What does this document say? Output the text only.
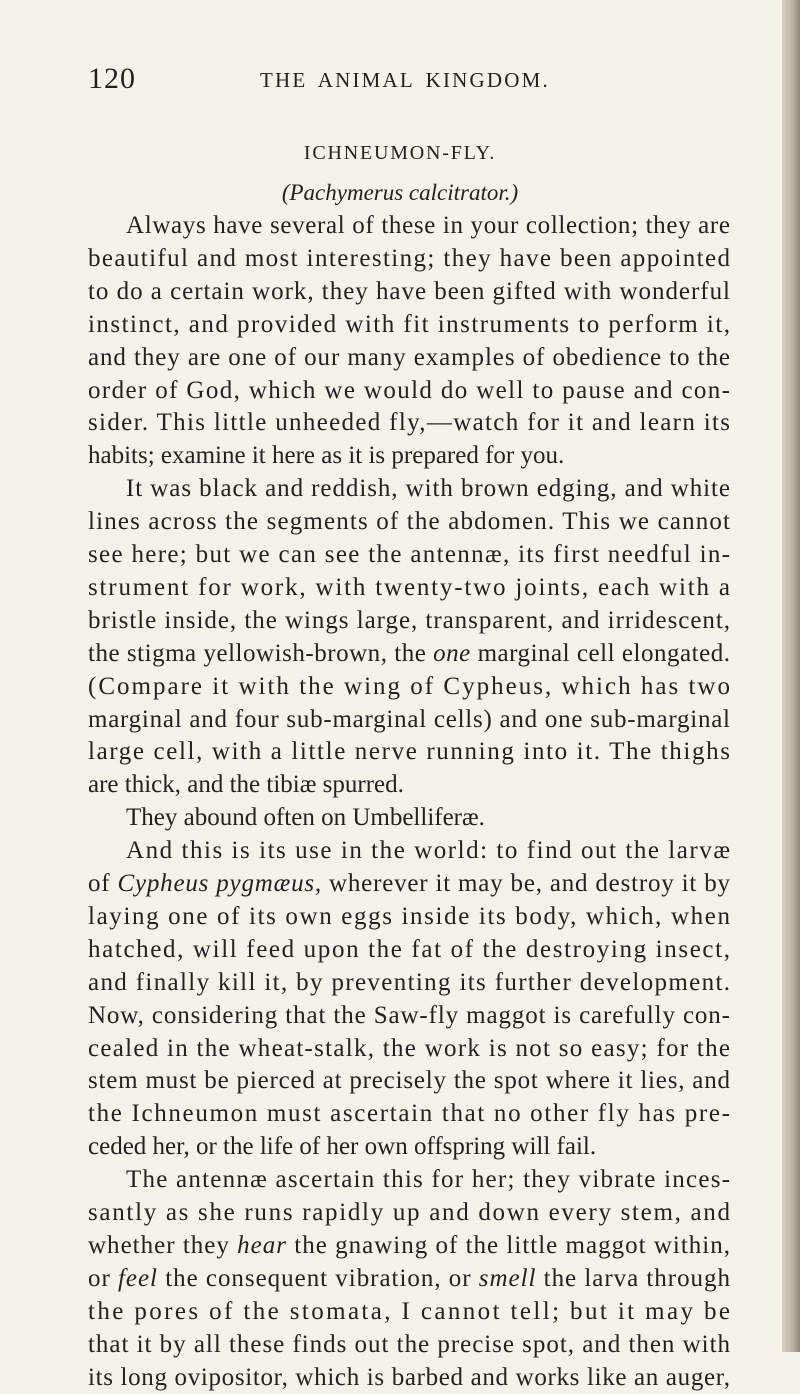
120	THE ANIMAL KINGDOM.
ICHNEUMON-FLY.
(Pachymerus calcitrator.)
Always have several of these in your collection; they are
beautiful and most interesting; they have been appointed
to do a certain work, they have been gifted with wonderful
instinct, and provided with fit instruments to perform it,
and they are one of our many examples of obedience to the
order of God, which we would do well to pause and con-
sider. This little unheeded fly,—watch for it and learn its
habits; examine it here as it is prepared for you.
It was black and reddish, with brown edging, and white
lines across the segments of the abdomen. This we cannot
see here; but we can see the antennæ, its first needful in-
strument for work, with twenty-two joints, each with a
bristle inside, the wings large, transparent, and irridescent,
the stigma yellowish-brown, the one marginal cell elongated.
(Compare it with the wing of Cypheus, which has two
marginal and four sub-marginal cells) and one sub-marginal
large cell, with a little nerve running into it. The thighs
are thick, and the tibiæ spurred.
They abound often on Umbelliferæ.
And this is its use in the world: to find out the larvæ
of Cypheus pygmæus, wherever it may be, and destroy it by
laying one of its own eggs inside its body, which, when
hatched, will feed upon the fat of the destroying insect,
and finally kill it, by preventing its further development.
Now, considering that the Saw-fly maggot is carefully con-
cealed in the wheat-stalk, the work is not so easy; for the
stem must be pierced at precisely the spot where it lies, and
the Ichneumon must ascertain that no other fly has pre-
ceded her, or the life of her own offspring will fail.
The antennæ ascertain this for her; they vibrate inces-
santly as she runs rapidly up and down every stem, and
whether they hear the gnawing of the little maggot within,
or feel the consequent vibration, or smell the larva through
the pores of the stomata, I cannot tell; but it may be
that it by all these finds out the precise spot, and then with
its long ovipositor, which is barbed and works like an auger,
